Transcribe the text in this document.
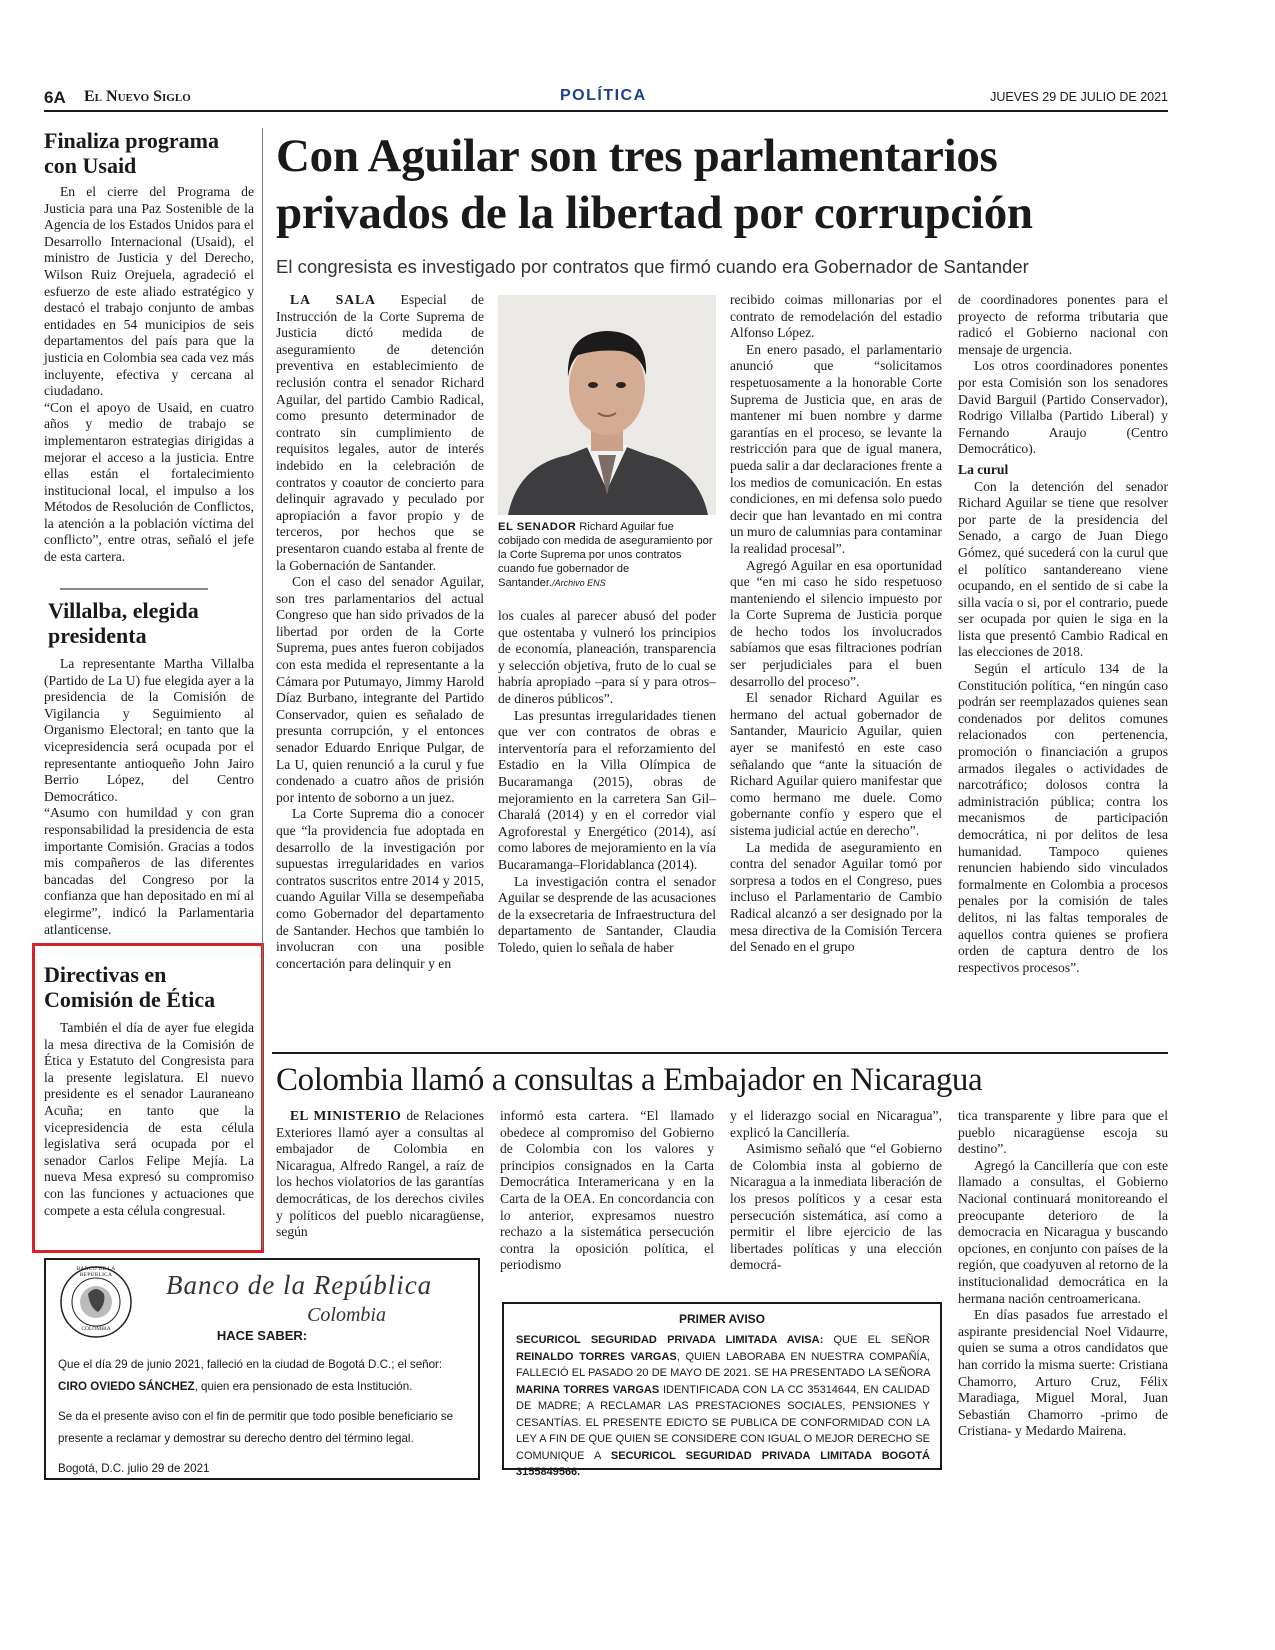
6A El Nuevo Siglo	POLÍTICA	JUEVES 29 DE JULIO DE 2021
Finaliza programa con Usaid

En el cierre del Programa de Justicia para una Paz Sostenible de la Agencia de los Estados Unidos para el Desarrollo Internacional (Usaid), el ministro de Justicia y del Derecho, Wilson Ruiz Orejuela, agradeció el esfuerzo de este aliado estratégico y destacó el trabajo conjunto de ambas entidades en 54 municipios de seis departamentos del país para que la justicia en Colombia sea cada vez más incluyente, efectiva y cercana al ciudadano.

“Con el apoyo de Usaid, en cuatro años y medio de trabajo se implementaron estrategias dirigidas a mejorar el acceso a la justicia. Entre ellas están el fortalecimiento institucional local, el impulso a los Métodos de Resolución de Conflictos, la atención a la población víctima del conflicto”, entre otras, señaló el jefe de esta cartera.

Villalba, elegida presidenta

La representante Martha Villalba (Partido de La U) fue elegida ayer a la presidencia de la Comisión de Vigilancia y Seguimiento al Organismo Electoral; en tanto que la vicepresidencia será ocupada por el representante antioqueño John Jairo Berrio López, del Centro Democrático.

“Asumo con humildad y con gran responsabilidad la presidencia de esta importante Comisión. Gracias a todos mis compañeros de las diferentes bancadas del Congreso por la confianza que han depositado en mí al elegirme”, indicó la Parlamentaria atlanticense.

Directivas en Comisión de Ética

También el día de ayer fue elegida la mesa directiva de la Comisión de Ética y Estatuto del Congresista para la presente legislatura. El nuevo presidente es el senador Lauraneano Acuña; en tanto que la vicepresidencia de esta célula legislativa será ocupada por el senador Carlos Felipe Mejía. La nueva Mesa expresó su compromiso con las funciones y actuaciones que compete a esta célula congresual.

Con Aguilar son tres parlamentarios privados de la libertad por corrupción
El congresista es investigado por contratos que firmó cuando era Gobernador de Santander
EL SENADOR Richard Aguilar fue cobijado con medida de aseguramiento por la Corte Suprema por unos contratos cuando fue gobernador de Santander./Archivo ENS

LA SALA Especial de Instrucción de la Corte Suprema de Justicia dictó medida de aseguramiento de detención preventiva en establecimiento de reclusión contra el senador Richard Aguilar, del partido Cambio Radical, como presunto determinador de contrato sin cumplimiento de requisitos legales, autor de interés indebido en la celebración de contratos y coautor de concierto para delinquir agravado y peculado por apropiación a favor propio y de terceros, por hechos que se presentaron cuando estaba al frente de la Gobernación de Santander.

Con el caso del senador Aguilar, son tres parlamentarios del actual Congreso que han sido privados de la libertad por orden de la Corte Suprema, pues antes fueron cobijados con esta medida el representante a la Cámara por Putumayo, Jimmy Harold Díaz Burbano, integrante del Partido Conservador, quien es señalado de presunta corrupción, y el entonces senador Eduardo Enrique Pulgar, de La U, quien renunció a la curul y fue condenado a cuatro años de prisión por intento de soborno a un juez.

La Corte Suprema dio a conocer que “la providencia fue adoptada en desarrollo de la investigación por supuestas irregularidades en varios contratos suscritos entre 2014 y 2015, cuando Aguilar Villa se desempeñaba como Gobernador del departamento de Santander. Hechos que también lo involucran con una posible concertación para delinquir y en

los cuales al parecer abusó del poder que ostentaba y vulneró los principios de economía, planeación, transparencia y selección objetiva, fruto de lo cual se habría apropiado –para sí y para otros– de dineros públicos”.

Las presuntas irregularidades tienen que ver con contratos de obras e interventoría para el reforzamiento del Estadio en la Villa Olímpica de Bucaramanga (2015), obras de mejoramiento en la carretera San Gil–Charalá (2014) y en el corredor vial Agroforestal y Energético (2014), así como labores de mejoramiento en la vía Bucaramanga–Floridablanca (2014).

La investigación contra el senador Aguilar se desprende de las acusaciones de la exsecretaria de Infraestructura del departamento de Santander, Claudia Toledo, quien lo señala de haber

recibido coimas millonarias por el contrato de remodelación del estadio Alfonso López.

En enero pasado, el parlamentario anunció que “solicitamos respetuosamente a la honorable Corte Suprema de Justicia que, en aras de mantener mi buen nombre y darme garantías en el proceso, se levante la restricción para que de igual manera, pueda salir a dar declaraciones frente a los medios de comunicación. En estas condiciones, en mi defensa solo puedo decir que han levantado en mi contra un muro de calumnias para contaminar la realidad procesal”.

Agregó Aguilar en esa oportunidad que “en mi caso he sido respetuoso manteniendo el silencio impuesto por la Corte Suprema de Justicia porque de hecho todos los involucrados sabíamos que esas filtraciones podrían ser perjudiciales para el buen desarrollo del proceso”.

El senador Richard Aguilar es hermano del actual gobernador de Santander, Mauricio Aguilar, quien ayer se manifestó en este caso señalando que “ante la situación de Richard Aguilar quiero manifestar que como hermano me duele. Como gobernante confío y espero que el sistema judicial actúe en derecho”.

La medida de aseguramiento en contra del senador Aguilar tomó por sorpresa a todos en el Congreso, pues incluso el Parlamentario de Cambio Radical alcanzó a ser designado por la mesa directiva de la Comisión Tercera del Senado en el grupo

de coordinadores ponentes para el proyecto de reforma tributaria que radicó el Gobierno nacional con mensaje de urgencia.

Los otros coordinadores ponentes por esta Comisión son los senadores David Barguil (Partido Conservador), Rodrigo Villalba (Partido Liberal) y Fernando Araujo (Centro Democrático).

La curul

Con la detención del senador Richard Aguilar se tiene que resolver por parte de la presidencia del Senado, a cargo de Juan Diego Gómez, qué sucederá con la curul que el político santandereano viene ocupando, en el sentido de si cabe la silla vacía o si, por el contrario, puede ser ocupada por quien le siga en la lista que presentó Cambio Radical en las elecciones de 2018.

Según el artículo 134 de la Constitución política, “en ningún caso podrán ser reemplazados quienes sean condenados por delitos comunes relacionados con pertenencia, promoción o financiación a grupos armados ilegales o actividades de narcotráfico; dolosos contra la administración pública; contra los mecanismos de participación democrática, ni por delitos de lesa humanidad. Tampoco quienes renuncien habiendo sido vinculados formalmente en Colombia a procesos penales por la comisión de tales delitos, ni las faltas temporales de aquellos contra quienes se profiera orden de captura dentro de los respectivos procesos”.

Colombia llamó a consultas a Embajador en Nicaragua

EL MINISTERIO de Relaciones Exteriores llamó ayer a consultas al embajador de Colombia en Nicaragua, Alfredo Rangel, a raíz de los hechos violatorios de las garantías democráticas, de los derechos civiles y políticos del pueblo nicaragüense, según

informó esta cartera. “El llamado obedece al compromiso del Gobierno de Colombia con los valores y principios consignados en la Carta Democrática Interamericana y en la Carta de la OEA. En concordancia con lo anterior, expresamos nuestro rechazo a la sistemática persecución contra la oposición política, el periodismo

y el liderazgo social en Nicaragua”, explicó la Cancillería.

Asimismo señaló que “el Gobierno de Colombia insta al gobierno de Nicaragua a la inmediata liberación de los presos políticos y a cesar esta persecución sistemática, así como a permitir el libre ejercicio de las libertades políticas y una elección democrá-

tica transparente y libre para que el pueblo nicaragüense escoja su destino”.

Agregó la Cancillería que con este llamado a consultas, el Gobierno Nacional continuará monitoreando el preocupante deterioro de la democracia en Nicaragua y buscando opciones, en conjunto con países de la región, que coadyuven al retorno de la institucionalidad democrática en la hermana nación centroamericana.

En días pasados fue arrestado el aspirante presidencial Noel Vidaurre, quien se suma a otros candidatos que han corrido la misma suerte: Cristiana Chamorro, Arturo Cruz, Félix Maradiaga, Miguel Moral, Juan Sebastián Chamorro -primo de Cristiana- y Medardo Mairena.

BANCO DE LA REPÚBLICA
COLOMBIA
Banco de la República
Colombia
HACE SABER:
Que el día 29 de junio 2021, falleció en la ciudad de Bogotá D.C.; el señor:
CIRO OVIEDO SÁNCHEZ, quien era pensionado de esta Institución.
Se da el presente aviso con el fin de permitir que todo posible beneficiario se presente a reclamar y demostrar su derecho dentro del término legal.
Bogotá, D.C. julio 29 de 2021
PRIMER AVISO
SECURICOL SEGURIDAD PRIVADA LIMITADA AVISA: QUE EL SEÑOR REINALDO TORRES VARGAS, QUIEN LABORABA EN NUESTRA COMPAÑÍA, FALLECIÓ EL PASADO 20 DE MAYO DE 2021. SE HA PRESENTADO LA SEÑORA MARINA TORRES VARGAS IDENTIFICADA CON LA CC 35314644, EN CALIDAD DE MADRE; A RECLAMAR LAS PRESTACIONES SOCIALES, PENSIONES Y CESANTÍAS. EL PRESENTE EDICTO SE PUBLICA DE CONFORMIDAD CON LA LEY A FIN DE QUE QUIEN SE CONSIDERE CON IGUAL O MEJOR DERECHO SE COMUNIQUE A SECURICOL SEGURIDAD PRIVADA LIMITADA BOGOTÁ 3155849566.
